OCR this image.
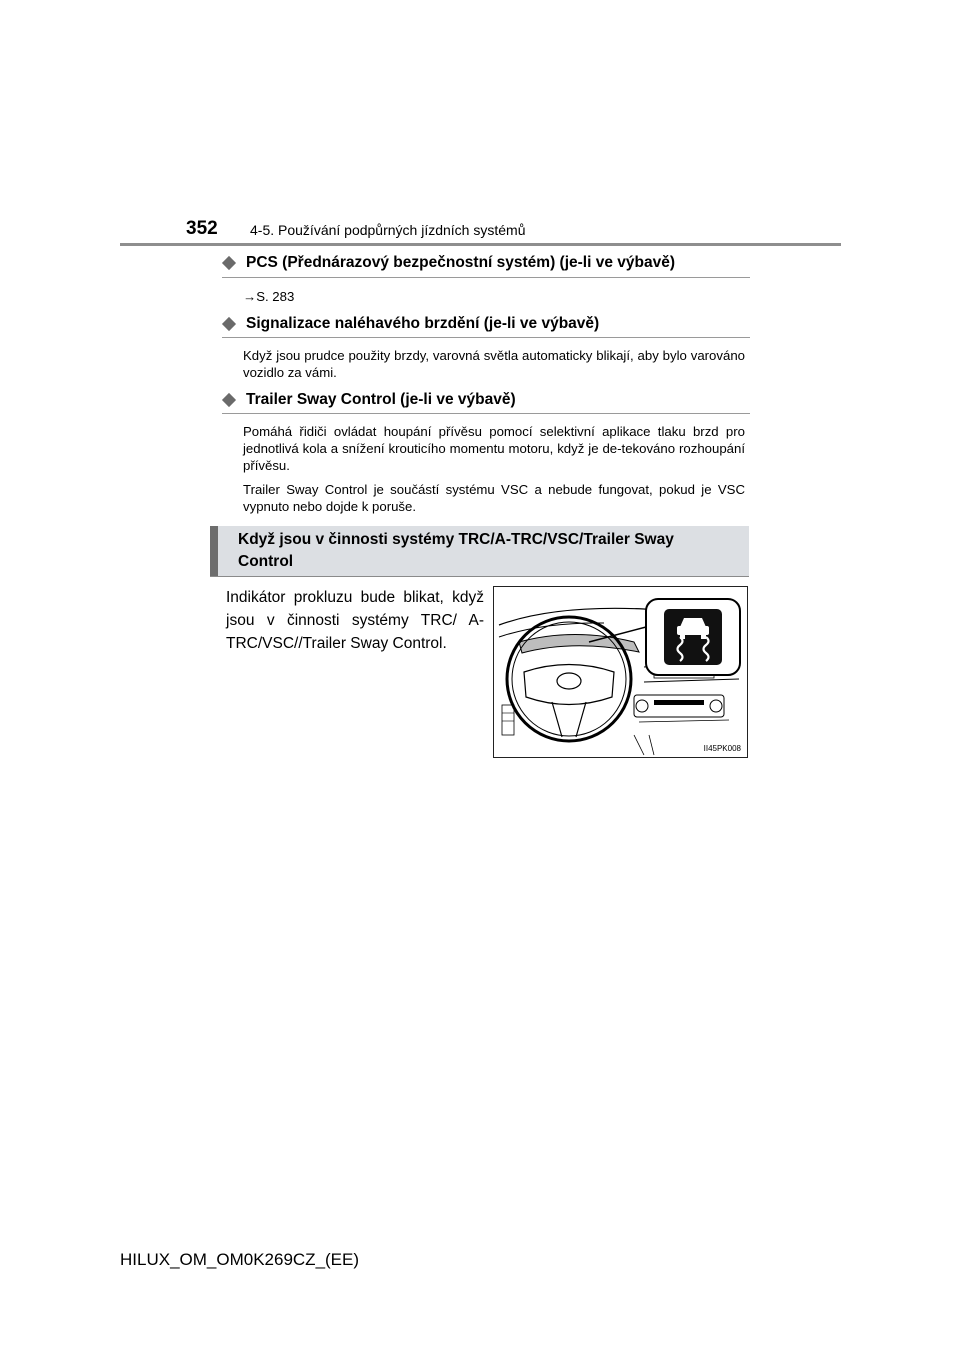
352 4-5. Používání podpůrných jízdních systémů
PCS (Přednárazový bezpečnostní systém) (je-li ve výbavě)
→S. 283
Signalizace naléhavého brzdění (je-li ve výbavě)
Když jsou prudce použity brzdy, varovná světla automaticky blikají, aby bylo varováno vozidlo za vámi.
Trailer Sway Control (je-li ve výbavě)
Pomáhá řidiči ovládat houpání přívěsu pomocí selektivní aplikace tlaku brzd pro jednotlivá kola a snížení krouticího momentu motoru, když je de-tekováno rozhoupání přívěsu.
Trailer Sway Control je součástí systému VSC a nebude fungovat, pokud je VSC vypnuto nebo dojde k poruše.
Když jsou v činnosti systémy TRC/A-TRC/VSC/Trailer Sway Control
Indikátor prokluzu bude blikat, když jsou v činnosti systémy TRC/ A-TRC/VSC//Trailer Sway Control.
II45PK008
HILUX_OM_OM0K269CZ_(EE)
